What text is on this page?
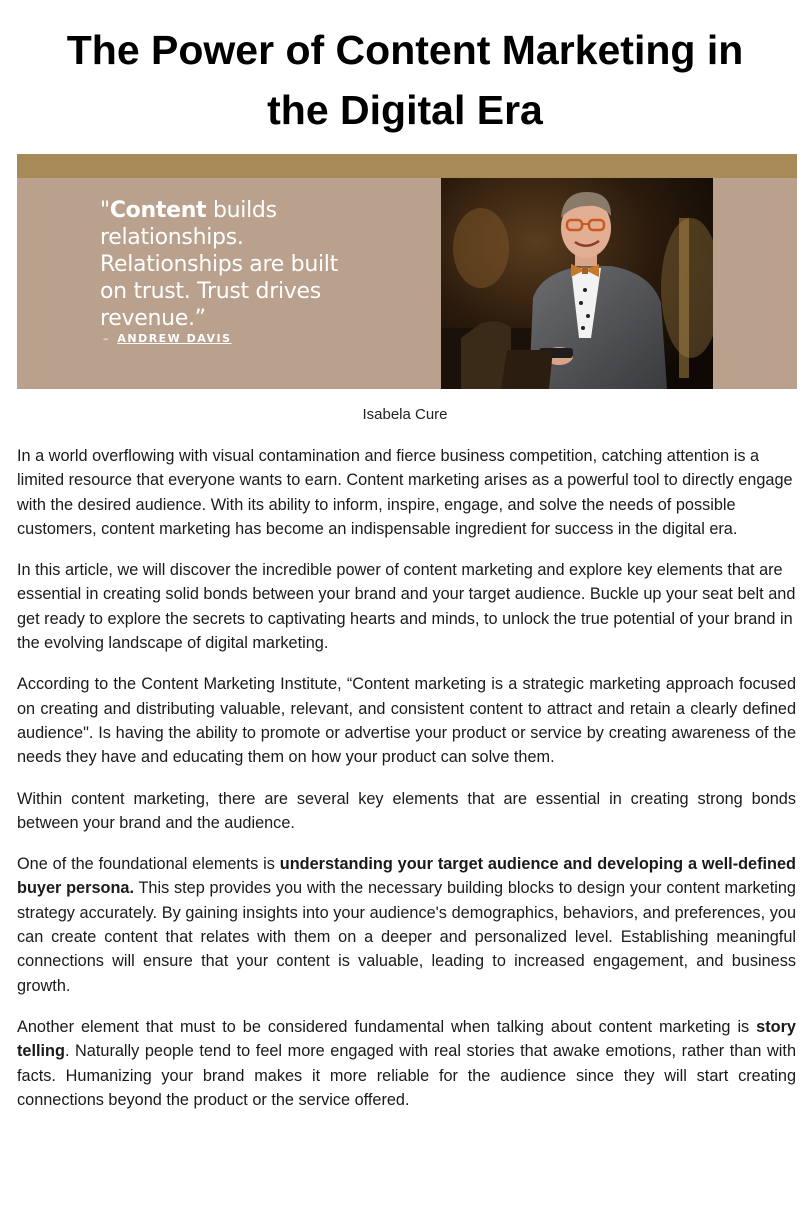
The Power of Content Marketing in
the Digital Era
"Content builds relationships. Relationships are built on trust. Trust drives revenue.”
– ANDREW DAVIS
Isabela Cure

In a world overflowing with visual contamination and fierce business competition, catching attention is a limited resource that everyone wants to earn. Content marketing arises as a powerful tool to directly engage with the desired audience. With its ability to inform, inspire, engage, and solve the needs of possible customers, content marketing has become an indispensable ingredient for success in the digital era.

In this article, we will discover the incredible power of content marketing and explore key elements that are essential in creating solid bonds between your brand and your target audience. Buckle up your seat belt and get ready to explore the secrets to captivating hearts and minds, to unlock the true potential of your brand in the evolving landscape of digital marketing.

According to the Content Marketing Institute, “Content marketing is a strategic marketing approach focused on creating and distributing valuable, relevant, and consistent content to attract and retain a clearly defined audience". Is having the ability to promote or advertise your product or service by creating awareness of the needs they have and educating them on how your product can solve them.

Within content marketing, there are several key elements that are essential in creating strong bonds between your brand and the audience.

One of the foundational elements is understanding your target audience and developing a well-defined buyer persona. This step provides you with the necessary building blocks to design your content marketing strategy accurately. By gaining insights into your audience's demographics, behaviors, and preferences, you can create content that relates with them on a deeper and personalized level. Establishing meaningful connections will ensure that your content is valuable, leading to increased engagement, and business growth.

Another element that must to be considered fundamental when talking about content marketing is story telling. Naturally people tend to feel more engaged with real stories that awake emotions, rather than with facts. Humanizing your brand makes it more reliable for the audience since they will start creating connections beyond the product or the service offered.
